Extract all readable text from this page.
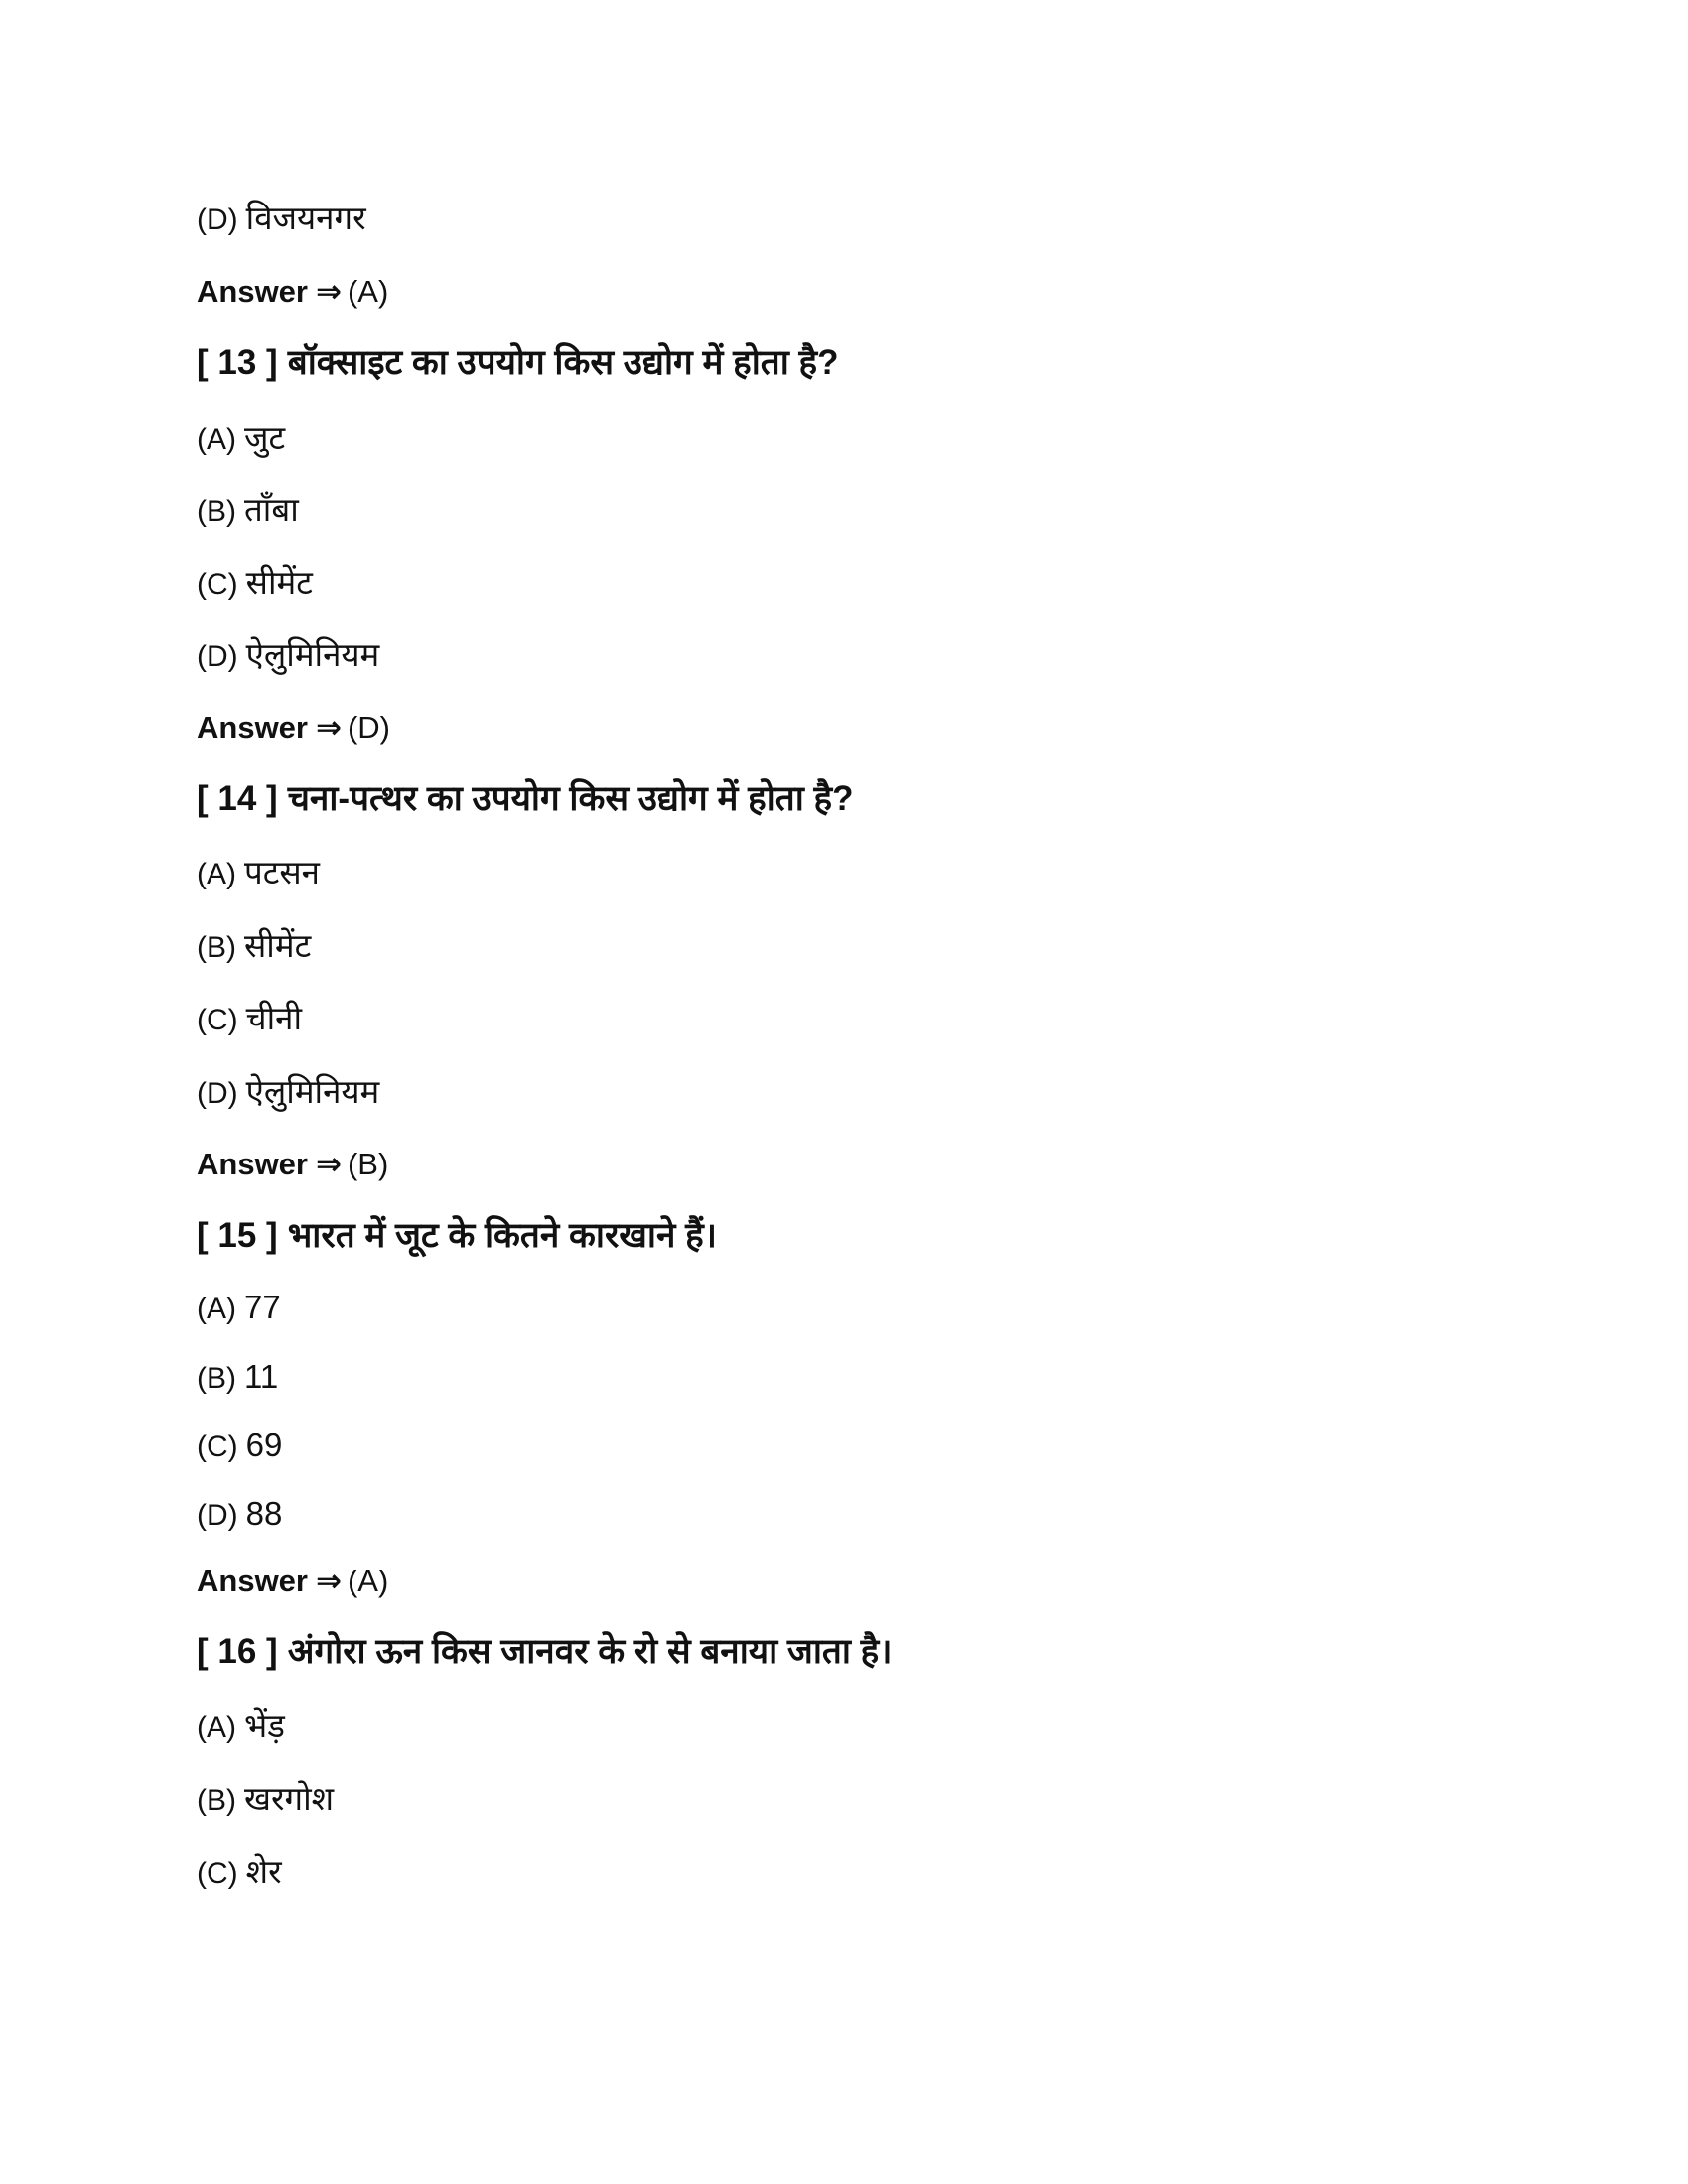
(D) विजयनगर
Answer ⇒ (A)
[ 13 ] बॉक्साइट का उपयोग किस उद्योग में होता है?
(A) जुट
(B) ताँबा
(C) सीमेंट
(D) ऐलुमिनियम
Answer ⇒ (D)
[ 14 ] चना-पत्थर का उपयोग किस उद्योग में होता है?
(A) पटसन
(B) सीमेंट
(C) चीनी
(D) ऐलुमिनियम
Answer ⇒ (B)
[ 15 ] भारत में जूट के कितने कारखाने हैं।
(A) 77
(B) 11
(C) 69
(D) 88
Answer ⇒ (A)
[ 16 ] अंगोरा ऊन किस जानवर के रो से बनाया जाता है।
(A) भेंड़
(B) खरगोश
(C) शेर
